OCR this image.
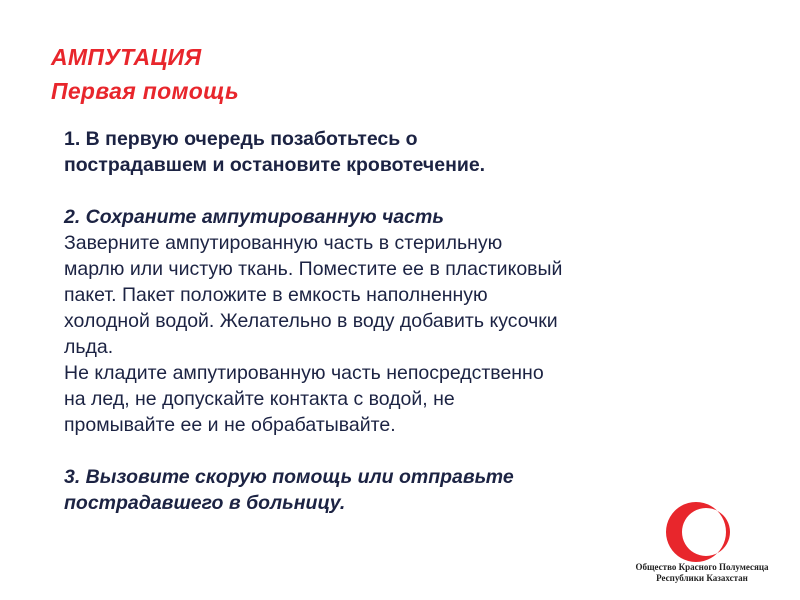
АМПУТАЦИЯ
Первая помощь
1. В первую очередь позаботьтесь о
пострадавшем и остановите кровотечение.
2. Сохраните ампутированную часть
Заверните ампутированную часть в стерильную
марлю или чистую ткань. Поместите ее в пластиковый
пакет. Пакет положите в емкость наполненную
холодной водой. Желательно в воду добавить кусочки
льда.
Не кладите ампутированную часть непосредственно
на лед, не допускайте контакта с водой, не
промывайте ее и не обрабатывайте.
3. Вызовите скорую помощь или отправьте
пострадавшего в больницу.
Общество Красного Полумесяца
Республики Казахстан
